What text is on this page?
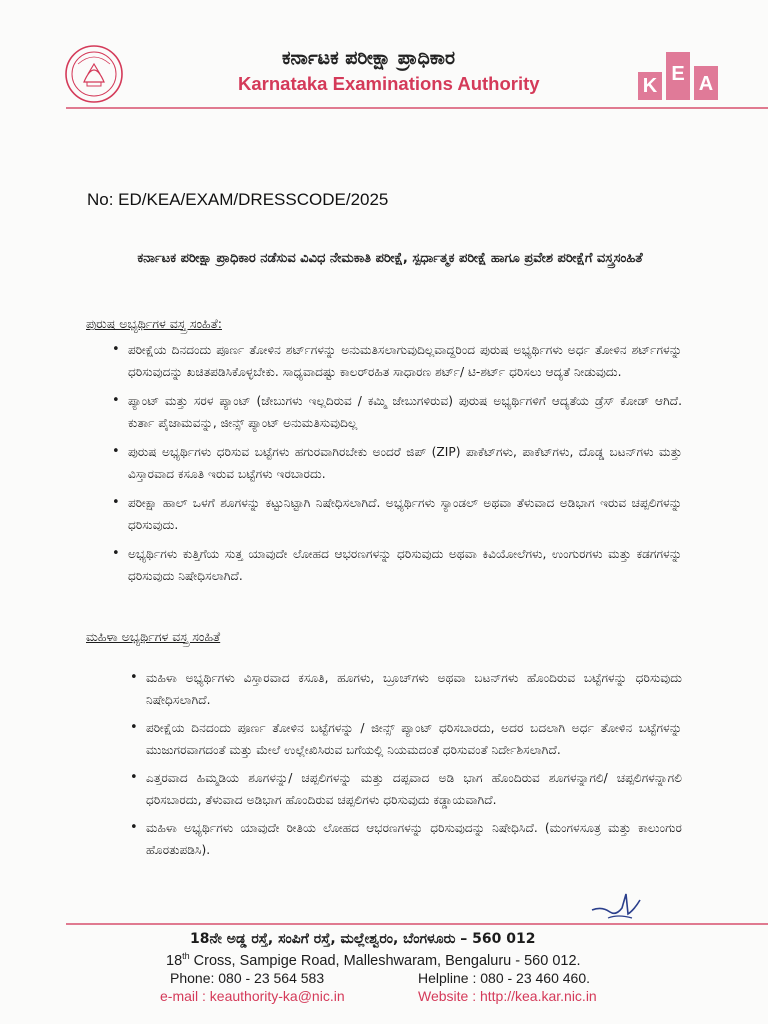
ಕರ್ನಾಟಕ ಪರೀಕ್ಷಾ ಪ್ರಾಧಿಕಾರ
Karnataka Examinations Authority	K
E A
No: ED/KEA/EXAM/DRESSCODE/2025
ಕರ್ನಾಟಕ ಪರೀಕ್ಷಾ ಪ್ರಾಧಿಕಾರ ನಡೆಸುವ ವಿವಿಧ ನೇಮಕಾತಿ ಪರೀಕ್ಷೆ, ಸ್ಪರ್ಧಾತ್ಮಕ ಪರೀಕ್ಷೆ ಹಾಗೂ ಪ್ರವೇಶ ಪರೀಕ್ಷೆಗೆ ವಸ್ತ್ರಸಂಹಿತೆ
ಪುರುಷ ಅಭ್ಯರ್ಥಿಗಳ ವಸ್ತ್ರ ಸಂಹಿತೆ:
• ಪರೀಕ್ಷೆಯ ದಿನದಂದು ಪೂರ್ಣ ತೋಳಿನ ಶರ್ಟ್‌ಗಳನ್ನು ಅನುಮತಿಸಲಾಗುವುದಿಲ್ಲವಾದ್ದರಿಂದ ಪುರುಷ ಅಭ್ಯರ್ಥಿಗಳು ಅರ್ಧ ತೋಳಿನ ಶರ್ಟ್‌ಗಳನ್ನು ಧರಿಸುವುದನ್ನು ಖಚಿತಪಡಿಸಿಕೊಳ್ಳಬೇಕು. ಸಾಧ್ಯವಾದಷ್ಟು ಕಾಲರ್‌ರಹಿತ ಸಾಧಾರಣ ಶರ್ಟ್/ ಟಿ-ಶರ್ಟ್ ಧರಿಸಲು ಆದ್ಯತೆ ನೀಡುವುದು.
• ಪ್ಯಾಂಟ್ ಮತ್ತು ಸರಳ ಪ್ಯಾಂಟ್ (ಜೇಬುಗಳು ಇಲ್ಲದಿರುವ / ಕಮ್ಮಿ ಜೇಬುಗಳಿರುವ) ಪುರುಷ ಅಭ್ಯರ್ಥಿಗಳಿಗೆ ಆದ್ಯತೆಯ ಡ್ರೆಸ್ ಕೋಡ್ ಆಗಿದೆ. ಕುರ್ತಾ ಪೈಜಾಮವನ್ನು, ಜೀನ್ಸ್ ಪ್ಯಾಂಟ್ ಅನುಮತಿಸುವುದಿಲ್ಲ
• ಪುರುಷ ಅಭ್ಯರ್ಥಿಗಳು ಧರಿಸುವ ಬಟ್ಟೆಗಳು ಹಗುರವಾಗಿರಬೇಕು ಅಂದರೆ ಜಿಪ್ (ZIP) ಪಾಕೆಟ್‌ಗಳು, ಪಾಕೆಟ್‌ಗಳು, ದೊಡ್ಡ ಬಟನ್‌ಗಳು ಮತ್ತು ವಿಸ್ತಾರವಾದ ಕಸೂತಿ ಇರುವ ಬಟ್ಟೆಗಳು ಇರಬಾರದು.
• ಪರೀಕ್ಷಾ ಹಾಲ್ ಒಳಗೆ ಶೂಗಳನ್ನು ಕಟ್ಟುನಿಟ್ಟಾಗಿ ನಿಷೇಧಿಸಲಾಗಿದೆ. ಅಭ್ಯರ್ಥಿಗಳು ಸ್ಯಾಂಡಲ್ ಅಥವಾ ತೆಳುವಾದ ಅಡಿಭಾಗ ಇರುವ ಚಪ್ಪಲಿಗಳನ್ನು ಧರಿಸುವುದು.
• ಅಭ್ಯರ್ಥಿಗಳು ಕುತ್ತಿಗೆಯ ಸುತ್ತ ಯಾವುದೇ ಲೋಹದ ಆಭರಣಗಳನ್ನು ಧರಿಸುವುದು ಅಥವಾ ಕಿವಿಯೋಲೆಗಳು, ಉಂಗುರಗಳು ಮತ್ತು ಕಡಗಗಳನ್ನು ಧರಿಸುವುದು ನಿಷೇಧಿಸಲಾಗಿದೆ.
ಮಹಿಳಾ ಅಭ್ಯರ್ಥಿಗಳ ವಸ್ತ್ರ ಸಂಹಿತೆ
• ಮಹಿಳಾ ಅಭ್ಯರ್ಥಿಗಳು ವಿಸ್ತಾರವಾದ ಕಸೂತಿ, ಹೂಗಳು, ಬ್ರೂಚ್‌ಗಳು ಅಥವಾ ಬಟನ್‌ಗಳು ಹೊಂದಿರುವ ಬಟ್ಟೆಗಳನ್ನು ಧರಿಸುವುದು ನಿಷೇಧಿಸಲಾಗಿದೆ.
• ಪರೀಕ್ಷೆಯ ದಿನದಂದು ಪೂರ್ಣ ತೋಳಿನ ಬಟ್ಟೆಗಳನ್ನು / ಜೀನ್ಸ್ ಪ್ಯಾಂಟ್ ಧರಿಸಬಾರದು, ಅದರ ಬದಲಾಗಿ ಅರ್ಧ ತೋಳಿನ ಬಟ್ಟೆಗಳನ್ನು ಮುಜುಗರವಾಗದಂತೆ ಮತ್ತು ಮೇಲೆ ಉಲ್ಲೇಖಿಸಿರುವ ಬಗೆಯಲ್ಲಿ ನಿಯಮದಂತೆ ಧರಿಸುವಂತೆ ನಿರ್ದೇಶಿಸಲಾಗಿದೆ.
• ಎತ್ತರವಾದ ಹಿಮ್ಮಡಿಯ ಶೂಗಳನ್ನು/ ಚಪ್ಪಲಿಗಳನ್ನು ಮತ್ತು ದಪ್ಪವಾದ ಅಡಿ ಭಾಗ ಹೊಂದಿರುವ ಶೂಗಳನ್ನಾಗಲಿ/ ಚಪ್ಪಲಿಗಳನ್ನಾಗಲಿ ಧರಿಸಬಾರದು, ತೆಳುವಾದ ಅಡಿಭಾಗ ಹೊಂದಿರುವ ಚಪ್ಪಲಿಗಳು ಧರಿಸುವುದು ಕಡ್ಡಾಯವಾಗಿದೆ.
• ಮಹಿಳಾ ಅಭ್ಯರ್ಥಿಗಳು ಯಾವುದೇ ರೀತಿಯ ಲೋಹದ ಆಭರಣಗಳನ್ನು ಧರಿಸುವುದನ್ನು ನಿಷೇಧಿಸಿದೆ. (ಮಂಗಳಸೂತ್ರ ಮತ್ತು ಕಾಲುಂಗುರ ಹೊರತುಪಡಿಸಿ).
18ನೇ ಅಡ್ಡ ರಸ್ತೆ, ಸಂಪಿಗೆ ರಸ್ತೆ, ಮಲ್ಲೇಶ್ವರಂ, ಬೆಂಗಳೂರು – 560 012
18th Cross, Sampige Road, Malleshwaram, Bengaluru - 560 012.
Phone: 080 - 23 564 583	Helpline : 080 - 23 460 460.
e-mail : keauthority-ka@nic.in	Website : http://kea.kar.nic.in
